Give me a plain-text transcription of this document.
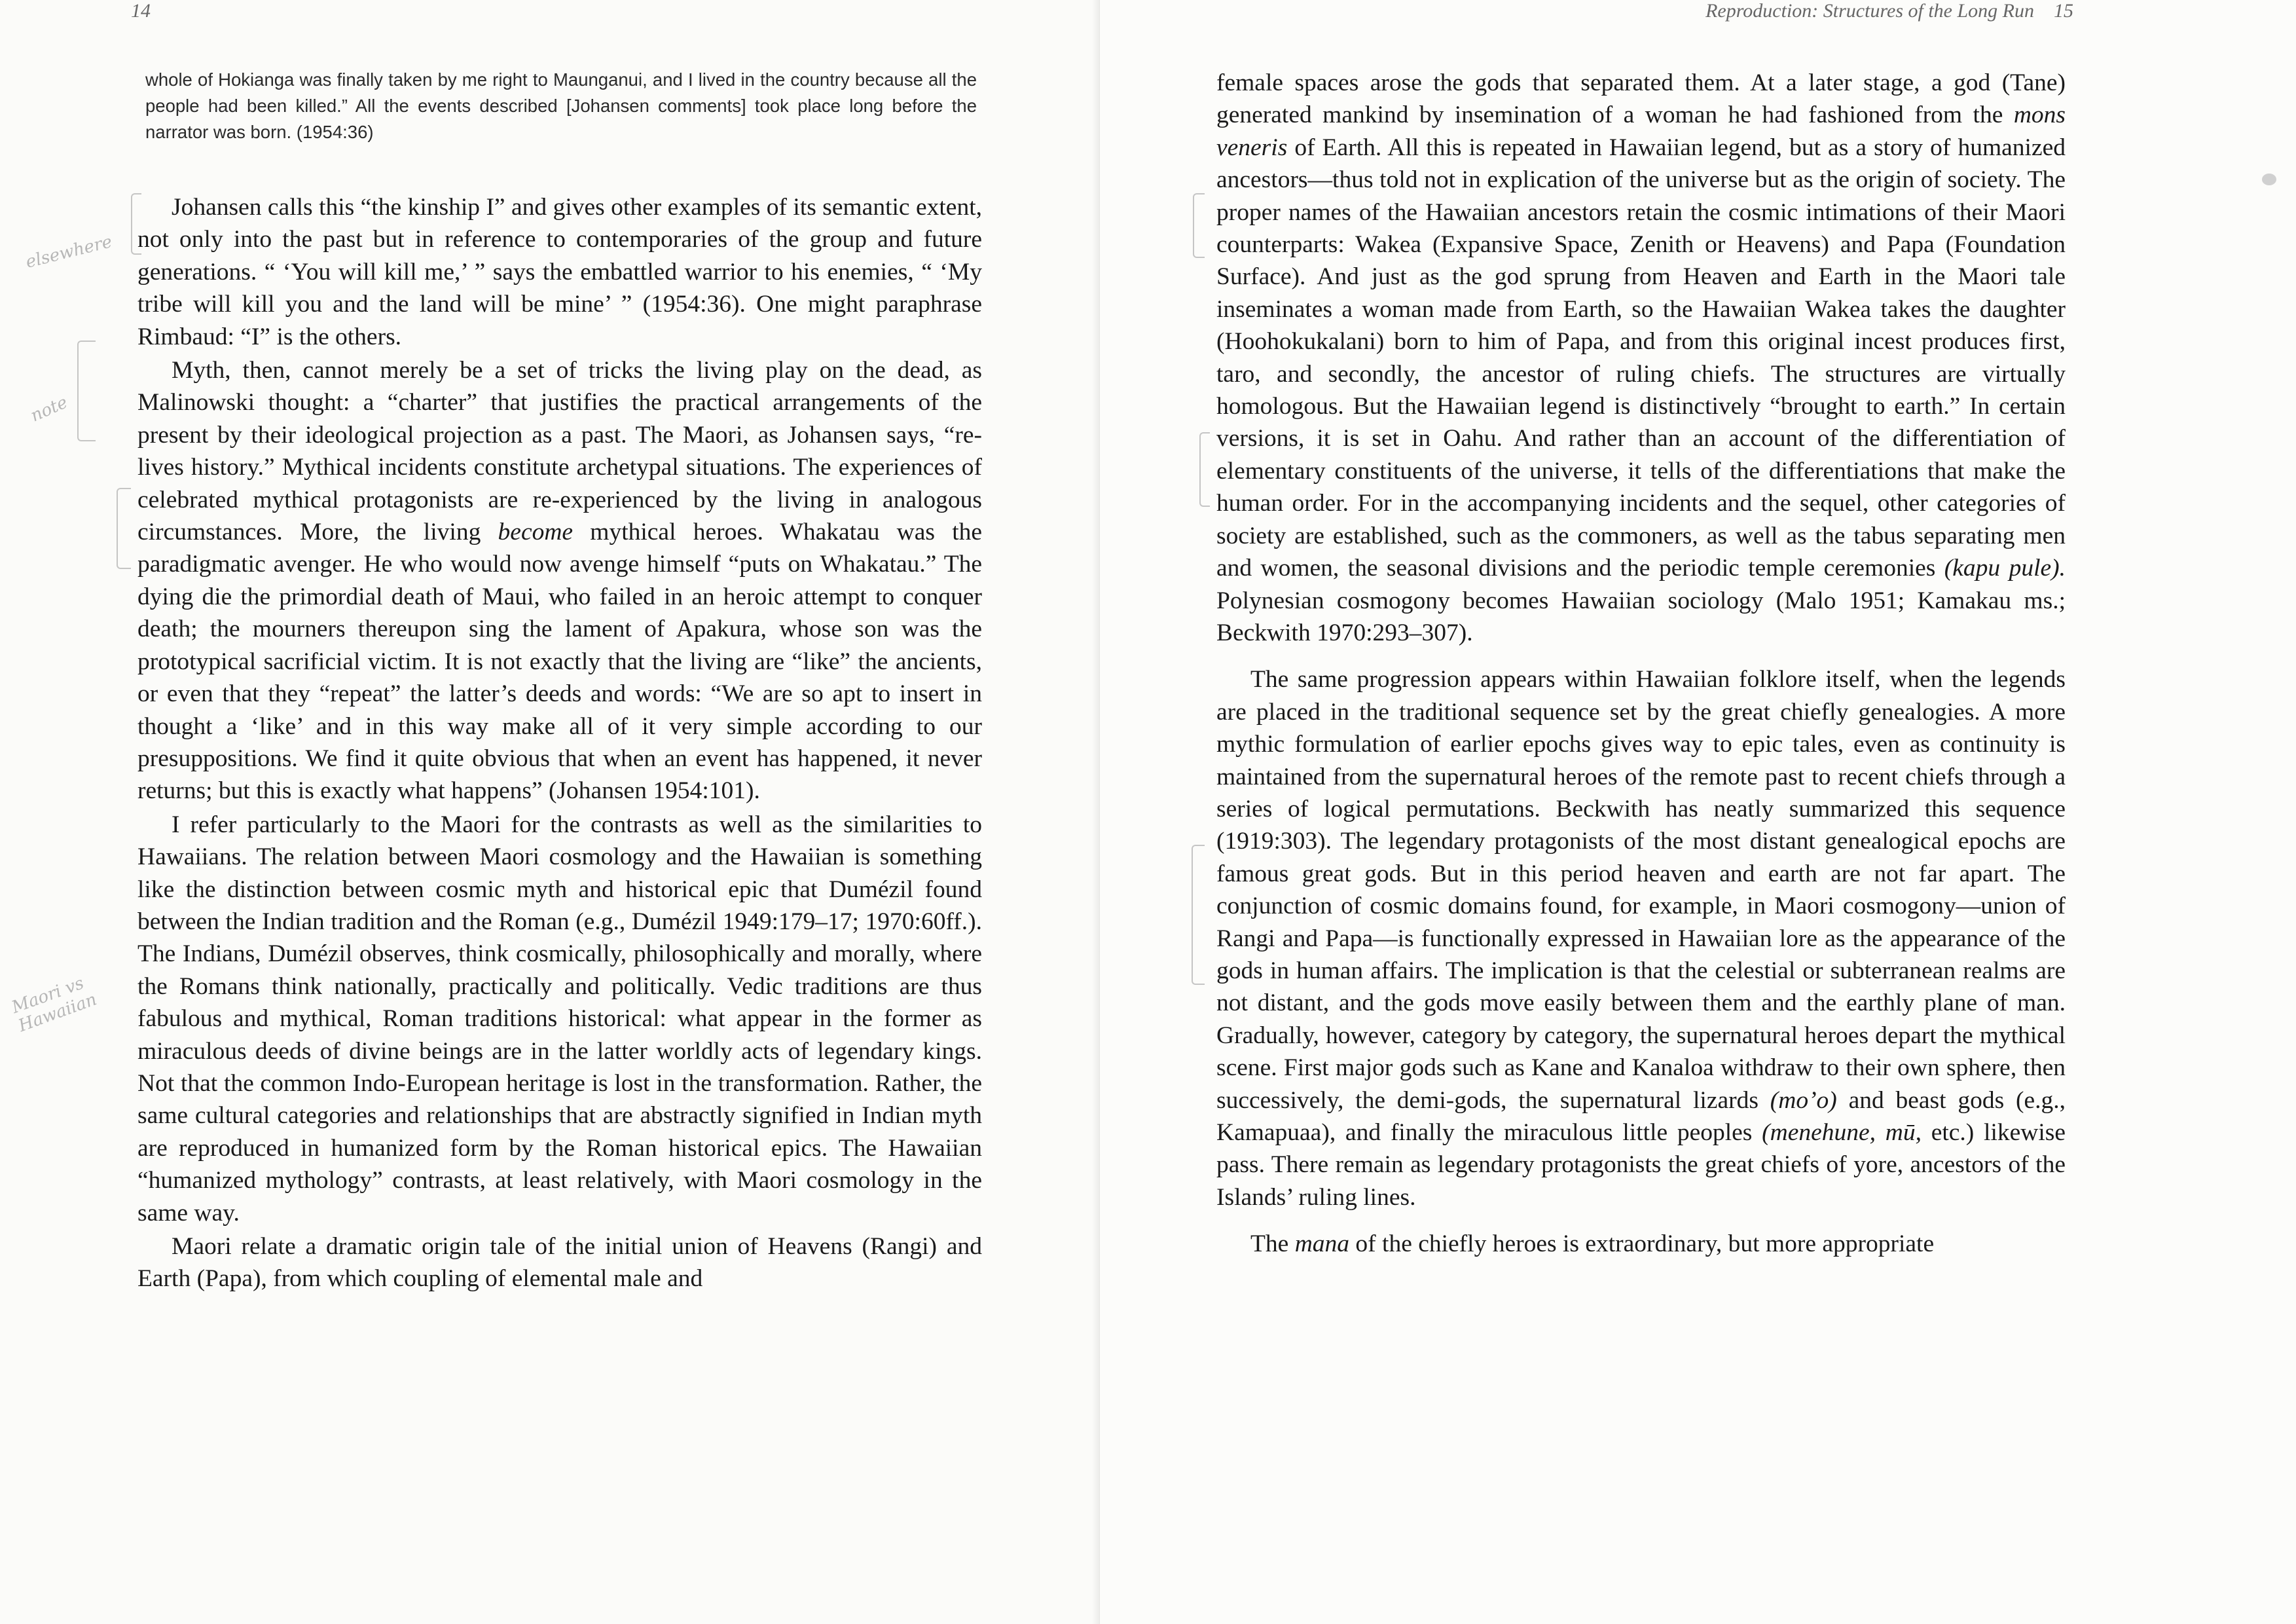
14
whole of Hokianga was finally taken by me right to Maunganui, and I lived in the country because all the people had been killed.” All the events described [Johansen comments] took place long before the narrator was born. (1954:36)

Johansen calls this “the kinship I” and gives other examples of its semantic extent, not only into the past but in reference to contemporaries of the group and future generations. “ ‘You will kill me,’ ” says the embattled warrior to his enemies, “ ‘My tribe will kill you and the land will be mine’ ” (1954:36). One might paraphrase Rimbaud: “I” is the others.

Myth, then, cannot merely be a set of tricks the living play on the dead, as Malinowski thought: a “charter” that justifies the practical arrangements of the present by their ideological projection as a past. The Maori, as Johansen says, “re-lives history.” Mythical incidents constitute archetypal situations. The experiences of celebrated mythical protagonists are re-experienced by the living in analogous circumstances. More, the living become mythical heroes. Whakatau was the paradigmatic avenger. He who would now avenge himself “puts on Whakatau.” The dying die the primordial death of Maui, who failed in an heroic attempt to conquer death; the mourners thereupon sing the lament of Apakura, whose son was the prototypical sacrificial victim. It is not exactly that the living are “like” the ancients, or even that they “repeat” the latter’s deeds and words: “We are so apt to insert in thought a ‘like’ and in this way make all of it very simple according to our presuppositions. We find it quite obvious that when an event has happened, it never returns; but this is exactly what happens” (Johansen 1954:101).

I refer particularly to the Maori for the contrasts as well as the similarities to Hawaiians. The relation between Maori cosmology and the Hawaiian is something like the distinction between cosmic myth and historical epic that Dumézil found between the Indian tradition and the Roman (e.g., Dumézil 1949:179–17; 1970:60ff.). The Indians, Dumézil observes, think cosmically, philosophically and morally, where the Romans think nationally, practically and politically. Vedic traditions are thus fabulous and mythical, Roman traditions historical: what appear in the former as miraculous deeds of divine beings are in the latter worldly acts of legendary kings. Not that the common Indo-European heritage is lost in the transformation. Rather, the same cultural categories and relationships that are abstractly signified in Indian myth are reproduced in humanized form by the Roman historical epics. The Hawaiian “humanized mythology” contrasts, at least relatively, with Maori cosmology in the same way.

Maori relate a dramatic origin tale of the initial union of Heavens (Rangi) and Earth (Papa), from which coupling of elemental male and

elsewhere
note
Maori vs Hawaiian
Reproduction: Structures of the Long Run 15

female spaces arose the gods that separated them. At a later stage, a god (Tane) generated mankind by insemination of a woman he had fashioned from the mons veneris of Earth. All this is repeated in Hawaiian legend, but as a story of humanized ancestors—thus told not in explication of the universe but as the origin of society. The proper names of the Hawaiian ancestors retain the cosmic intimations of their Maori counterparts: Wakea (Expansive Space, Zenith or Heavens) and Papa (Foundation Surface). And just as the god sprung from Heaven and Earth in the Maori tale inseminates a woman made from Earth, so the Hawaiian Wakea takes the daughter (Hoohokukalani) born to him of Papa, and from this original incest produces first, taro, and secondly, the ancestor of ruling chiefs. The structures are virtually homologous. But the Hawaiian legend is distinctively “brought to earth.” In certain versions, it is set in Oahu. And rather than an account of the differentiation of elementary constituents of the universe, it tells of the differentiations that make the human order. For in the accompanying incidents and the sequel, other categories of society are established, such as the commoners, as well as the tabus separating men and women, the seasonal divisions and the periodic temple ceremonies (kapu pule). Polynesian cosmogony becomes Hawaiian sociology (Malo 1951; Kamakau ms.; Beckwith 1970:293–307).

The same progression appears within Hawaiian folklore itself, when the legends are placed in the traditional sequence set by the great chiefly genealogies. A more mythic formulation of earlier epochs gives way to epic tales, even as continuity is maintained from the supernatural heroes of the remote past to recent chiefs through a series of logical permutations. Beckwith has neatly summarized this sequence (1919:303). The legendary protagonists of the most distant genealogical epochs are famous great gods. But in this period heaven and earth are not far apart. The conjunction of cosmic domains found, for example, in Maori cosmogony—union of Rangi and Papa—is functionally expressed in Hawaiian lore as the appearance of the gods in human affairs. The implication is that the celestial or subterranean realms are not distant, and the gods move easily between them and the earthly plane of man. Gradually, however, category by category, the supernatural heroes depart the mythical scene. First major gods such as Kane and Kanaloa withdraw to their own sphere, then successively, the demi-gods, the supernatural lizards (mo’o) and beast gods (e.g., Kamapuaa), and finally the miraculous little peoples (menehune, mū, etc.) likewise pass. There remain as legendary protagonists the great chiefs of yore, ancestors of the Islands’ ruling lines.

The mana of the chiefly heroes is extraordinary, but more appropriate
